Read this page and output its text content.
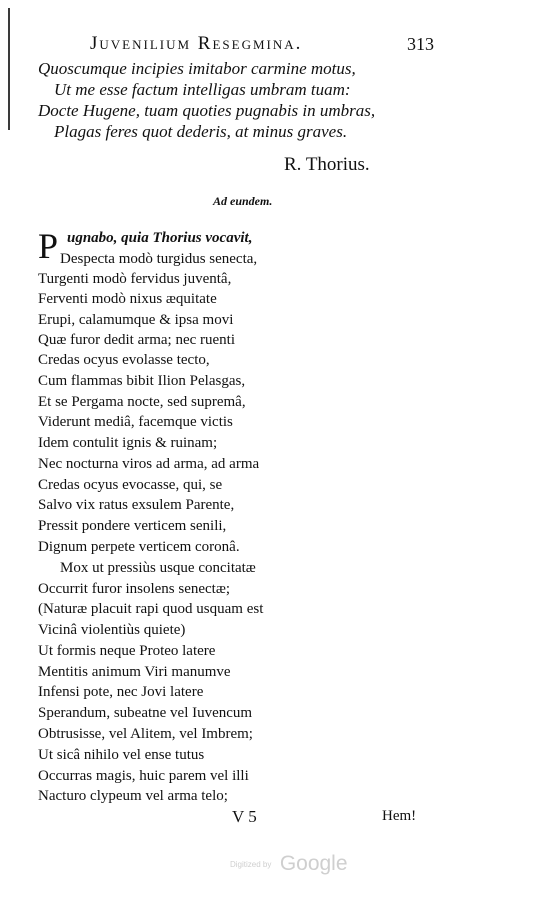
Juvenilium Resegmina.	313
Quoscumque incipies imitabor carmine motus,
Ut me esse factum intelligas umbram tuam:
Docte Hugene, tuam quoties pugnabis in umbras,
Plagas feres quot dederis, at minus graves.
R. Thorius.
Ad eundem.
P ugnabo, quia Thorius vocavit,
Despecta modò turgidus senecta,
Turgenti modò fervidus juventâ,
Ferventi modò nixus æquitate
Erupi, calamumque & ipsa movi
Quæ furor dedit arma; nec ruenti
Credas ocyus evolasse tecto,
Cum flammas bibit Ilion Pelasgas,
Et se Pergama nocte, sed supremâ,
Viderunt mediâ, facemque victis
Idem contulit ignis & ruinam;
Nec nocturna viros ad arma, ad arma
Credas ocyus evocasse, qui, se
Salvo vix ratus exsulem Parente,
Pressit pondere verticem senili,
Dignum perpete verticem coronâ.
Mox ut pressiùs usque concitatæ
Occurrit furor insolens senectæ;
(Naturæ placuit rapi quod usquam est
Vicinâ violentiùs quiete)
Ut formis neque Proteo latere
Mentitis animum Viri manumve
Infensi pote, nec Jovi latere
Sperandum, subeatne vel Iuvencum
Obtrusisse, vel Alitem, vel Imbrem;
Ut sicâ nihilo vel ense tutus
Occurras magis, huic parem vel illi
Nacturo clypeum vel arma telo;
V 5	Hem!
Digitized by Google
